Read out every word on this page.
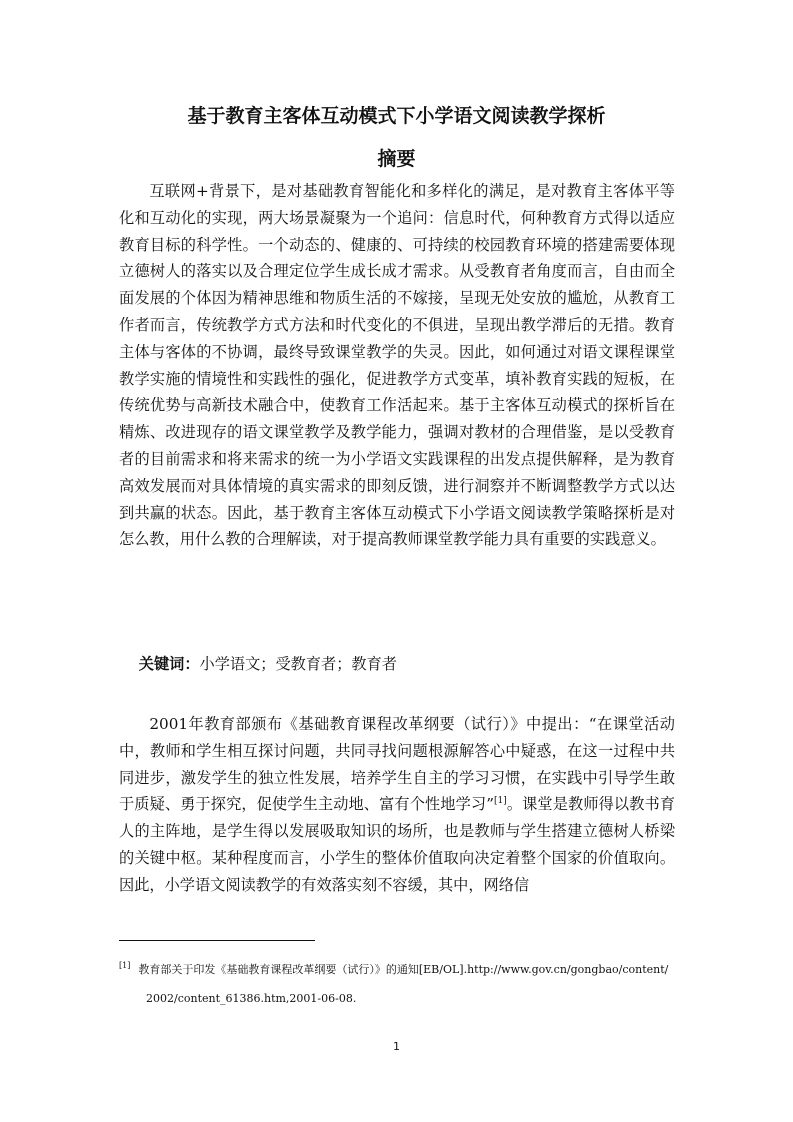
基于教育主客体互动模式下小学语文阅读教学探析
摘要

互联网+背景下，是对基础教育智能化和多样化的满足，是对教育主客体平等化和互动化的实现，两大场景凝聚为一个追问：信息时代，何种教育方式得以适应教育目标的科学性。一个动态的、健康的、可持续的校园教育环境的搭建需要体现立德树人的落实以及合理定位学生成长成才需求。从受教育者角度而言，自由而全面发展的个体因为精神思维和物质生活的不嫁接，呈现无处安放的尴尬，从教育工作者而言，传统教学方式方法和时代变化的不俱进，呈现出教学滞后的无措。教育主体与客体的不协调，最终导致课堂教学的失灵。因此，如何通过对语文课程课堂教学实施的情境性和实践性的强化，促进教学方式变革，填补教育实践的短板，在传统优势与高新技术融合中，使教育工作活起来。基于主客体互动模式的探析旨在精炼、改进现存的语文课堂教学及教学能力，强调对教材的合理借鉴，是以受教育者的目前需求和将来需求的统一为小学语文实践课程的出发点提供解释，是为教育高效发展而对具体情境的真实需求的即刻反馈，进行洞察并不断调整教学方式以达到共赢的状态。因此，基于教育主客体互动模式下小学语文阅读教学策略探析是对怎么教，用什么教的合理解读，对于提高教师课堂教学能力具有重要的实践意义。

关键词：小学语文；受教育者；教育者

2001年教育部颁布《基础教育课程改革纲要（试行）》中提出：“在课堂活动中，教师和学生相互探讨问题，共同寻找问题根源解答心中疑惑，在这一过程中共同进步，激发学生的独立性发展，培养学生自主的学习习惯，在实践中引导学生敢于质疑、勇于探究，促使学生主动地、富有个性地学习”[1]。课堂是教师得以教书育人的主阵地，是学生得以发展吸取知识的场所，也是教师与学生搭建立德树人桥梁的关键中枢。某种程度而言，小学生的整体价值取向决定着整个国家的价值取向。因此，小学语文阅读教学的有效落实刻不容缓，其中，网络信

[1] 教育部关于印发《基础教育课程改革纲要（试行）》的通知[EB/OL].http://www.gov.cn/gongbao/content/
2002/content_61386.htm,2001-06-08.

1
